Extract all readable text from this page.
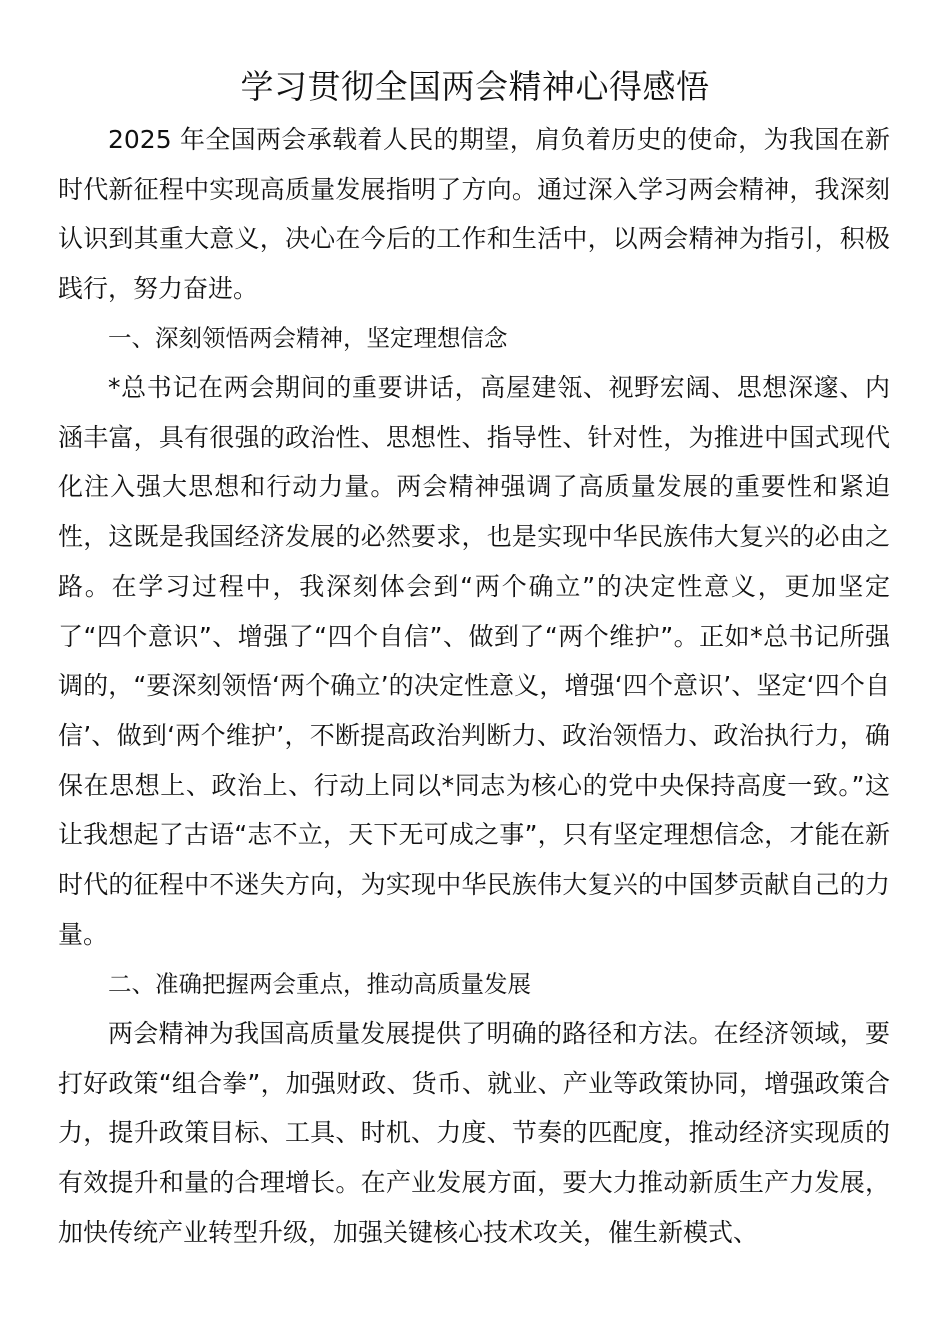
学习贯彻全国两会精神心得感悟

2025 年全国两会承载着人民的期望，肩负着历史的使命，为我国在新时代新征程中实现高质量发展指明了方向。通过深入学习两会精神，我深刻认识到其重大意义，决心在今后的工作和生活中，以两会精神为指引，积极践行，努力奋进。

一、深刻领悟两会精神，坚定理想信念

*总书记在两会期间的重要讲话，高屋建瓴、视野宏阔、思想深邃、内涵丰富，具有很强的政治性、思想性、指导性、针对性，为推进中国式现代化注入强大思想和行动力量。两会精神强调了高质量发展的重要性和紧迫性，这既是我国经济发展的必然要求，也是实现中华民族伟大复兴的必由之路。在学习过程中，我深刻体会到“两个确立”的决定性意义，更加坚定了“四个意识”、增强了“四个自信”、做到了“两个维护”。正如*总书记所强调的，“要深刻领悟‘两个确立’的决定性意义，增强‘四个意识’、坚定‘四个自信’、做到‘两个维护’，不断提高政治判断力、政治领悟力、政治执行力，确保在思想上、政治上、行动上同以*同志为核心的党中央保持高度一致。”这让我想起了古语“志不立，天下无可成之事”，只有坚定理想信念，才能在新时代的征程中不迷失方向，为实现中华民族伟大复兴的中国梦贡献自己的力量。

二、准确把握两会重点，推动高质量发展

两会精神为我国高质量发展提供了明确的路径和方法。在经济领域，要打好政策“组合拳”，加强财政、货币、就业、产业等政策协同，增强政策合力，提升政策目标、工具、时机、力度、节奏的匹配度，推动经济实现质的有效提升和量的合理增长。在产业发展方面，要大力推动新质生产力发展，加快传统产业转型升级，加强关键核心技术攻关，催生新模式、
